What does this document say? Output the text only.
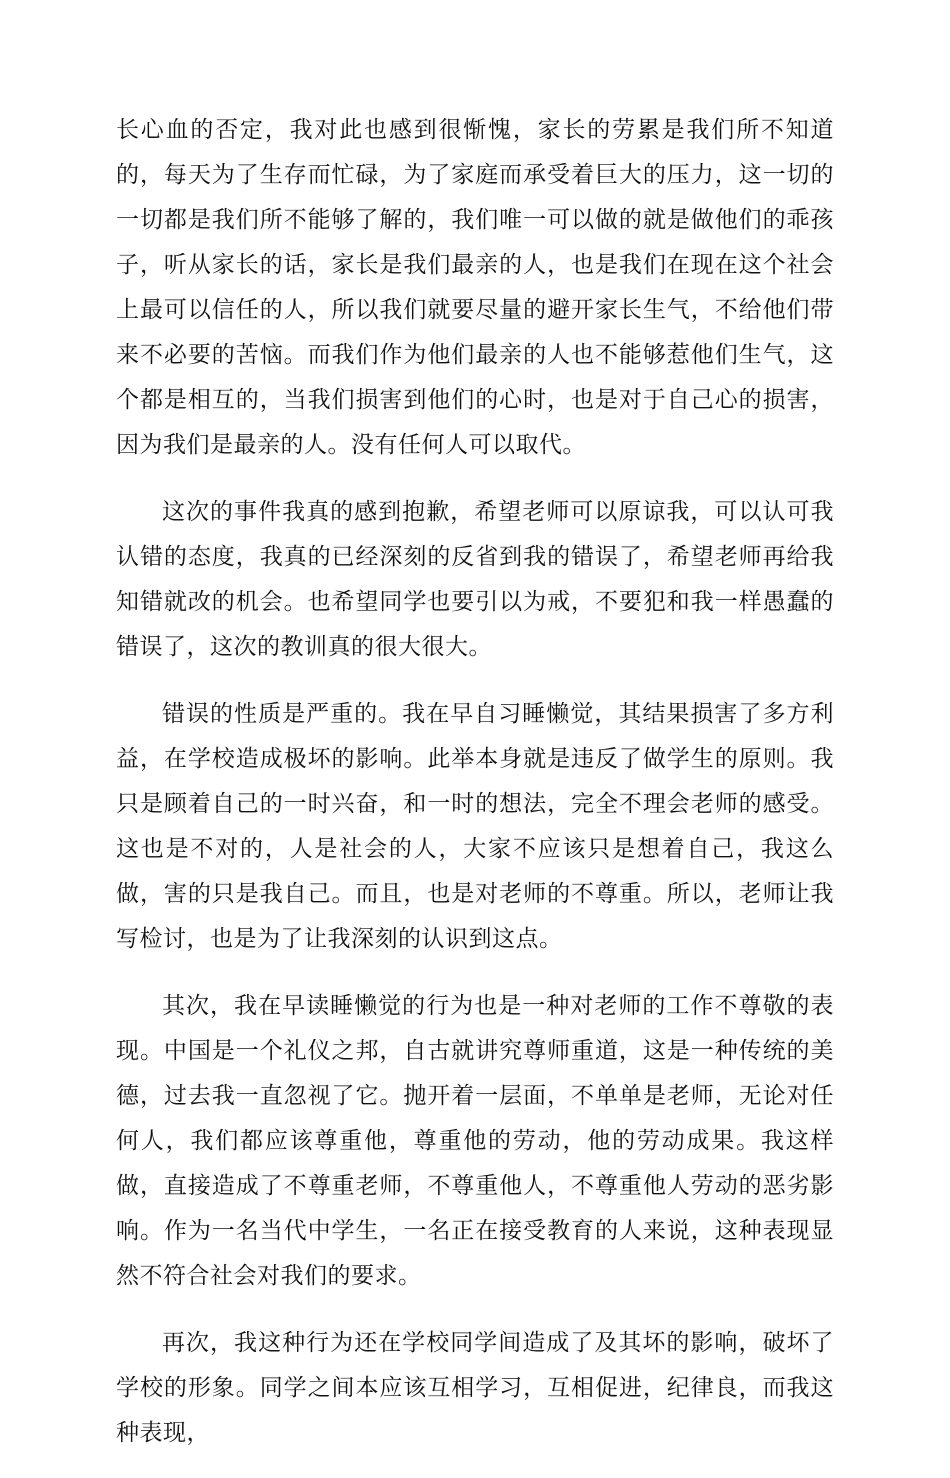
长心血的否定，我对此也感到很惭愧，家长的劳累是我们所不知道的，每天为了生存而忙碌，为了家庭而承受着巨大的压力，这一切的一切都是我们所不能够了解的，我们唯一可以做的就是做他们的乖孩子，听从家长的话，家长是我们最亲的人，也是我们在现在这个社会上最可以信任的人，所以我们就要尽量的避开家长生气，不给他们带来不必要的苦恼。而我们作为他们最亲的人也不能够惹他们生气，这个都是相互的，当我们损害到他们的心时，也是对于自己心的损害，因为我们是最亲的人。没有任何人可以取代。

这次的事件我真的感到抱歉，希望老师可以原谅我，可以认可我认错的态度，我真的已经深刻的反省到我的错误了，希望老师再给我知错就改的机会。也希望同学也要引以为戒，不要犯和我一样愚蠢的错误了，这次的教训真的很大很大。

错误的性质是严重的。我在早自习睡懒觉，其结果损害了多方利益，在学校造成极坏的影响。此举本身就是违反了做学生的原则。我只是顾着自己的一时兴奋，和一时的想法，完全不理会老师的感受。这也是不对的，人是社会的人，大家不应该只是想着自己，我这么做，害的只是我自己。而且，也是对老师的不尊重。所以，老师让我写检讨，也是为了让我深刻的认识到这点。

其次，我在早读睡懒觉的行为也是一种对老师的工作不尊敬的表现。中国是一个礼仪之邦，自古就讲究尊师重道，这是一种传统的美德，过去我一直忽视了它。抛开着一层面，不单单是老师，无论对任何人，我们都应该尊重他，尊重他的劳动，他的劳动成果。我这样做，直接造成了不尊重老师，不尊重他人，不尊重他人劳动的恶劣影响。作为一名当代中学生，一名正在接受教育的人来说，这种表现显然不符合社会对我们的要求。

再次，我这种行为还在学校同学间造成了及其坏的影响，破坏了学校的形象。同学之间本应该互相学习，互相促进，纪律良，而我这种表现，
